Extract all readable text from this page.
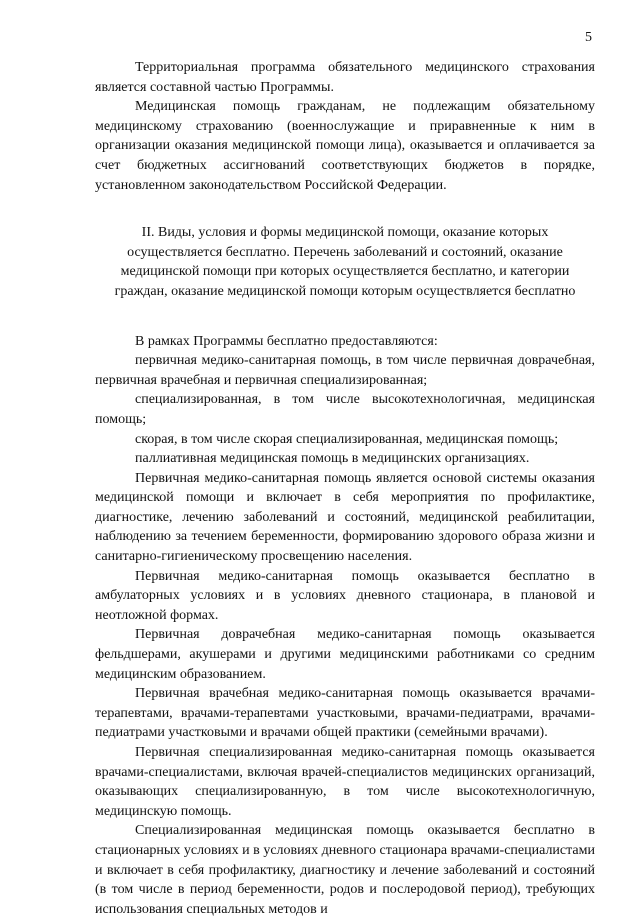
5

Территориальная программа обязательного медицинского страхования является составной частью Программы.

Медицинская помощь гражданам, не подлежащим обязательному медицинскому страхованию (военнослужащие и приравненные к ним в организации оказания медицинской помощи лица), оказывается и оплачивается за счет бюджетных ассигнований соответствующих бюджетов в порядке, установленном законодательством Российской Федерации.

II. Виды, условия и формы медицинской помощи, оказание которых осуществляется бесплатно. Перечень заболеваний и состояний, оказание медицинской помощи при которых осуществляется бесплатно, и категории граждан, оказание медицинской помощи которым осуществляется бесплатно

В рамках Программы бесплатно предоставляются:

первичная медико-санитарная помощь, в том числе первичная доврачебная, первичная врачебная и первичная специализированная;

специализированная, в том числе высокотехнологичная, медицинская помощь;

скорая, в том числе скорая специализированная, медицинская помощь;

паллиативная медицинская помощь в медицинских организациях.

Первичная медико-санитарная помощь является основой системы оказания медицинской помощи и включает в себя мероприятия по профилактике, диагностике, лечению заболеваний и состояний, медицинской реабилитации, наблюдению за течением беременности, формированию здорового образа жизни и санитарно-гигиеническому просвещению населения.

Первичная медико-санитарная помощь оказывается бесплатно в амбулаторных условиях и в условиях дневного стационара, в плановой и неотложной формах.

Первичная доврачебная медико-санитарная помощь оказывается фельдшерами, акушерами и другими медицинскими работниками со средним медицинским образованием.

Первичная врачебная медико-санитарная помощь оказывается врачами-терапевтами, врачами-терапевтами участковыми, врачами-педиатрами, врачами-педиатрами участковыми и врачами общей практики (семейными врачами).

Первичная специализированная медико-санитарная помощь оказывается врачами-специалистами, включая врачей-специалистов медицинских организаций, оказывающих специализированную, в том числе высокотехнологичную, медицинскую помощь.

Специализированная медицинская помощь оказывается бесплатно в стационарных условиях и в условиях дневного стационара врачами-специалистами и включает в себя профилактику, диагностику и лечение заболеваний и состояний (в том числе в период беременности, родов и послеродовой период), требующих использования специальных методов и
